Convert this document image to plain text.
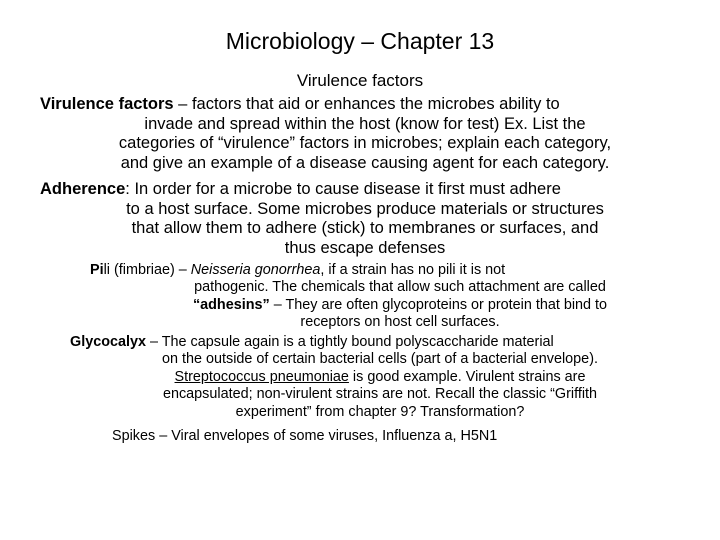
Microbiology – Chapter 13
Virulence factors
Virulence factors – factors that aid or enhances the microbes ability to
invade and spread within the host (know for test) Ex. List the
categories of “virulence” factors in microbes; explain each category,
and give an example of a disease causing agent for each category.
Adherence: In order for a microbe to cause disease it first must adhere
to a host surface. Some microbes produce materials or structures
that allow them to adhere (stick) to membranes or surfaces, and
thus escape defenses
Pili (fimbriae) – Neisseria gonorrhea, if a strain has no pili it is not
pathogenic. The chemicals that allow such attachment are called
“adhesins” – They are often glycoproteins or protein that bind to
receptors on host cell surfaces.
Glycocalyx – The capsule again is a tightly bound polyscaccharide material
on the outside of certain bacterial cells (part of a bacterial envelope).
Streptococcus pneumoniae is good example. Virulent strains are
encapsulated; non-virulent strains are not. Recall the classic “Griffith
experiment” from chapter 9? Transformation?
Spikes – Viral envelopes of some viruses, Influenza a, H5N1
